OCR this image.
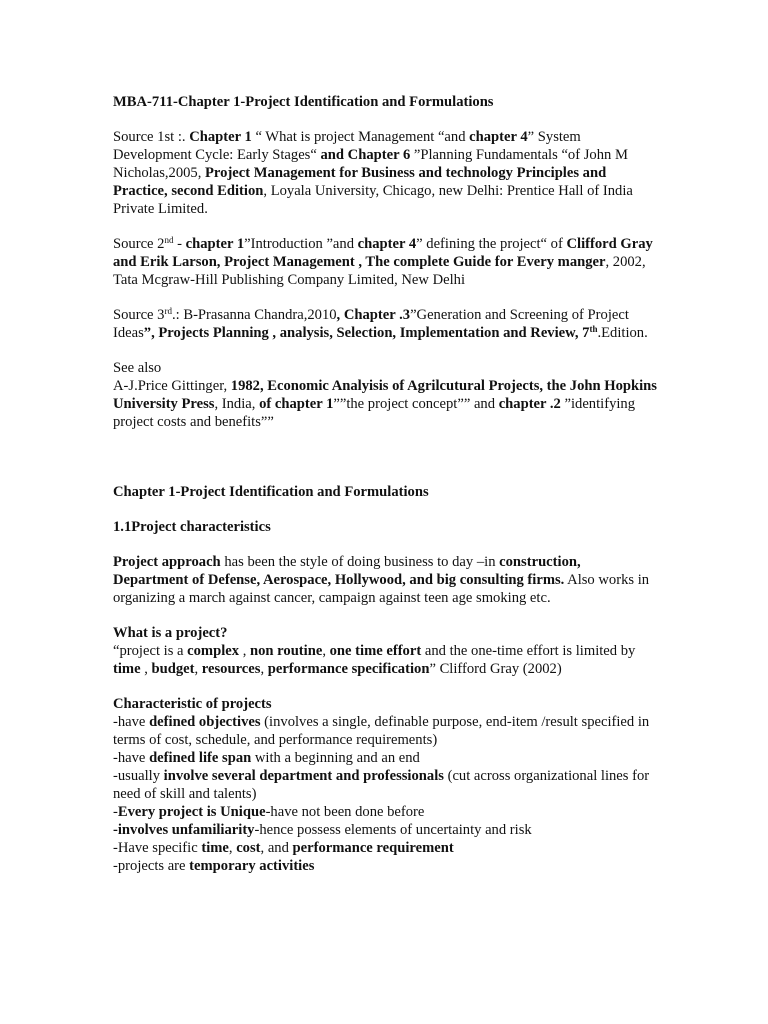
MBA-711-Chapter 1-Project Identification and Formulations

Source 1st :. Chapter 1 “ What is project Management “and chapter 4” System Development Cycle: Early Stages“ and Chapter 6 ”Planning Fundamentals “of John M Nicholas,2005, Project Management for Business and technology Principles and Practice, second Edition, Loyala University, Chicago, new Delhi: Prentice Hall of India Private Limited.

Source 2nd - chapter 1”Introduction ”and chapter 4” defining the project“ of Clifford Gray and Erik Larson, Project Management , The complete Guide for Every manger, 2002, Tata Mcgraw-Hill Publishing Company Limited, New Delhi

Source 3rd.: B-Prasanna Chandra,2010, Chapter .3”Generation and Screening of Project Ideas”, Projects Planning , analysis, Selection, Implementation and Review, 7th.Edition.

See also
A-J.Price Gittinger, 1982, Economic Analyisis of Agrilcutural Projects, the John Hopkins University Press, India, of chapter 1””the project concept”” and chapter .2 ”identifying project costs and benefits””

Chapter 1-Project Identification and Formulations

1.1Project characteristics

Project approach has been the style of doing business to day –in construction, Department of Defense, Aerospace, Hollywood, and big consulting firms. Also works in organizing a march against cancer, campaign against teen age smoking etc.

What is a project?
“project is a complex , non routine, one time effort and the one-time effort is limited by time , budget, resources, performance specification” Clifford Gray (2002)

Characteristic of projects
-have defined objectives (involves a single, definable purpose, end-item /result specified in terms of cost, schedule, and performance requirements)
-have defined life span with a beginning and an end
-usually involve several department and professionals (cut across organizational lines for need of skill and talents)
-Every project is Unique-have not been done before
-involves unfamiliarity-hence possess elements of uncertainty and risk
-Have specific time, cost, and performance requirement
-projects are temporary activities
